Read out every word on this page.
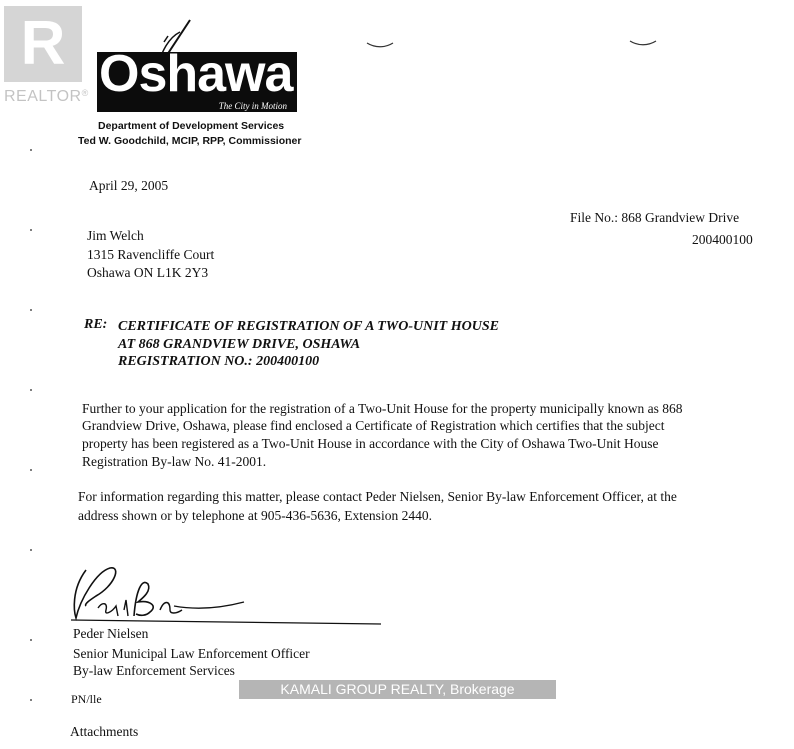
R
REALTOR® Oshawa
The City in Motion
Department of Development Services
Ted W. Goodchild, MCIP, RPP, Commissioner
April 29, 2005
File No.: 868 Grandview Drive
200400100
Jim Welch
1315 Ravencliffe Court
Oshawa ON L1K 2Y3
RE: CERTIFICATE OF REGISTRATION OF A TWO-UNIT HOUSE
AT 868 GRANDVIEW DRIVE, OSHAWA
REGISTRATION NO.: 200400100
Further to your application for the registration of a Two-Unit House for the property municipally known as 868
Grandview Drive, Oshawa, please find enclosed a Certificate of Registration which certifies that the subject
property has been registered as a Two-Unit House in accordance with the City of Oshawa Two-Unit House
Registration By-law No. 41-2001.
For information regarding this matter, please contact Peder Nielsen, Senior By-law Enforcement Officer, at the
address shown or by telephone at 905-436-5636, Extension 2440.
Peder Nielsen
Senior Municipal Law Enforcement Officer
By-law Enforcement Services
PN/lle
Attachments
KAMALI GROUP REALTY, Brokerage
